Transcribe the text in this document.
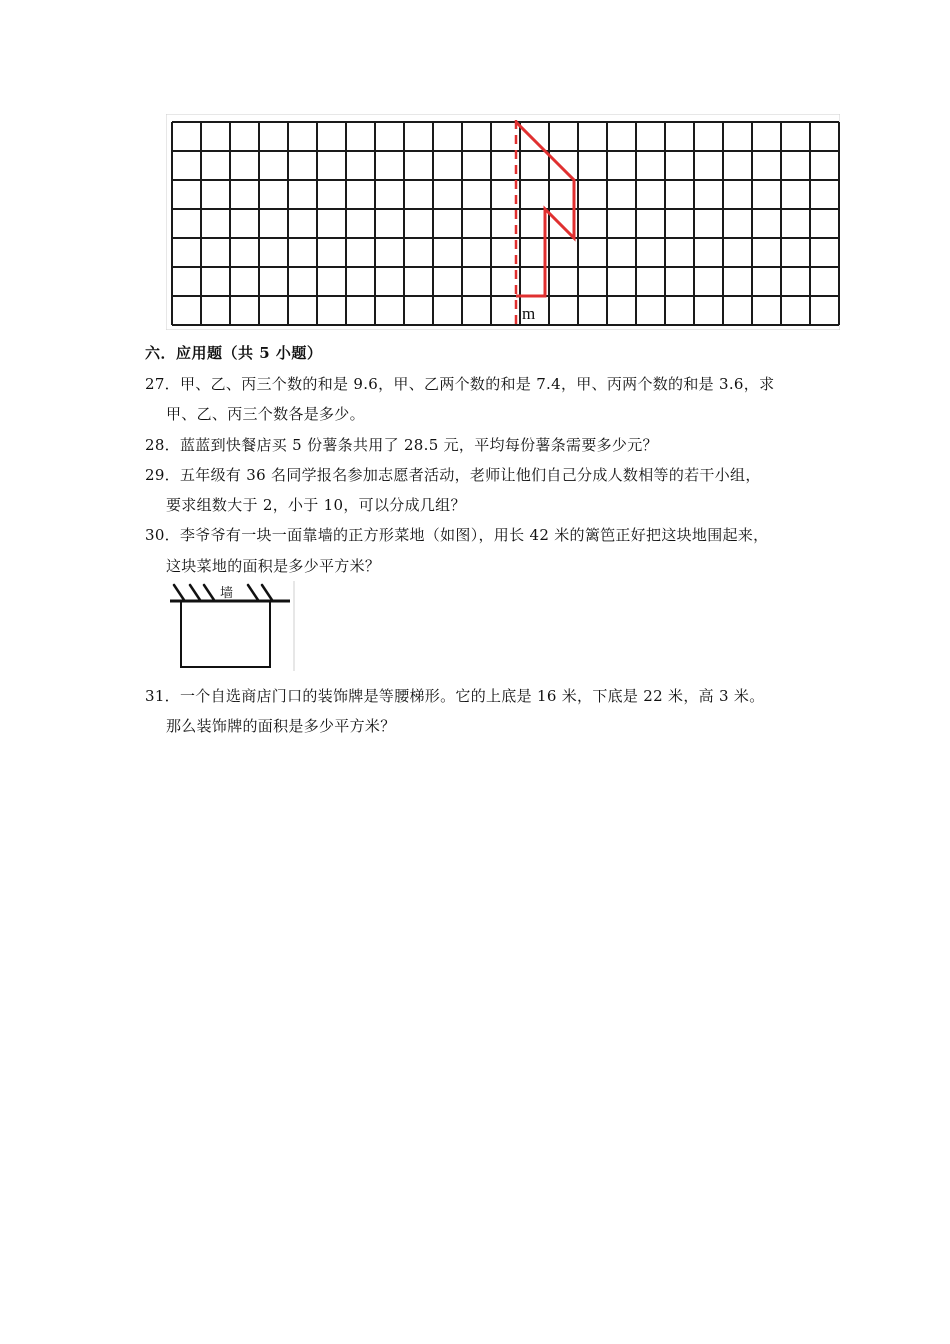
m
六．应用题（共 5 小题）
27．甲、乙、丙三个数的和是 9.6，甲、乙两个数的和是 7.4，甲、丙两个数的和是 3.6，求
甲、乙、丙三个数各是多少。
28．蓝蓝到快餐店买 5 份薯条共用了 28.5 元，平均每份薯条需要多少元？
29．五年级有 36 名同学报名参加志愿者活动，老师让他们自己分成人数相等的若干小组，
要求组数大于 2，小于 10，可以分成几组？
30．李爷爷有一块一面靠墙的正方形菜地（如图），用长 42 米的篱笆正好把这块地围起来，
这块菜地的面积是多少平方米？
墙
31．一个自选商店门口的装饰牌是等腰梯形。它的上底是 16 米，下底是 22 米，高 3 米。
那么装饰牌的面积是多少平方米？
